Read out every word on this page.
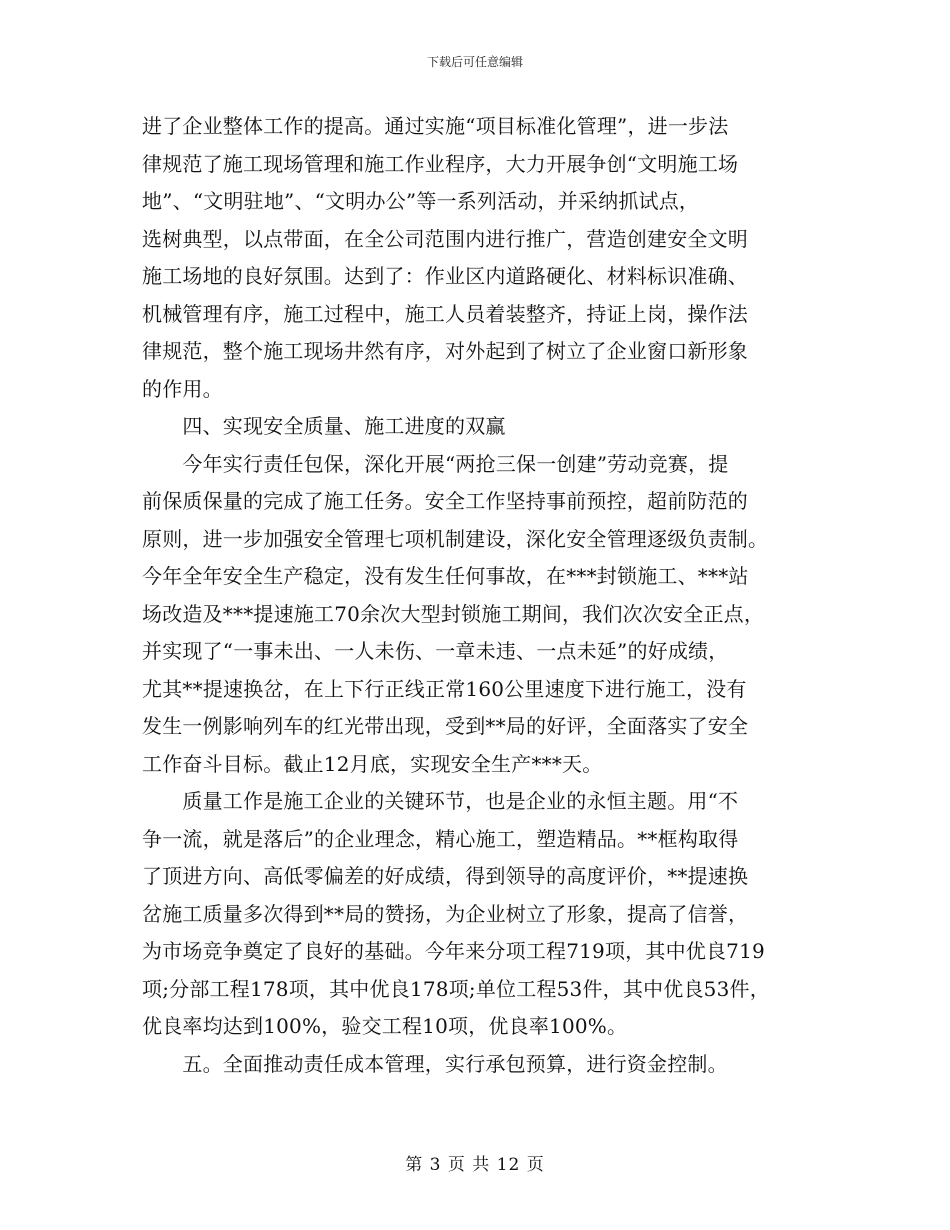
下载后可任意编辑
进了企业整体工作的提高。通过实施“项目标准化管理”，进一步法
律规范了施工现场管理和施工作业程序，大力开展争创“文明施工场
地”、“文明驻地”、“文明办公”等一系列活动，并采纳抓试点，
选树典型，以点带面，在全公司范围内进行推广，营造创建安全文明
施工场地的良好氛围。达到了：作业区内道路硬化、材料标识准确、
机械管理有序，施工过程中，施工人员着装整齐，持证上岗，操作法
律规范，整个施工现场井然有序，对外起到了树立了企业窗口新形象
的作用。
　　四、实现安全质量、施工进度的双赢
　　今年实行责任包保，深化开展“两抢三保一创建”劳动竞赛，提
前保质保量的完成了施工任务。安全工作坚持事前预控，超前防范的
原则，进一步加强安全管理七项机制建设，深化安全管理逐级负责制。
今年全年安全生产稳定，没有发生任何事故，在***封锁施工、***站
场改造及***提速施工70余次大型封锁施工期间，我们次次安全正点，
并实现了“一事未出、一人未伤、一章未违、一点未延”的好成绩，
尤其**提速换岔，在上下行正线正常160公里速度下进行施工，没有
发生一例影响列车的红光带出现，受到**局的好评，全面落实了安全
工作奋斗目标。截止12月底，实现安全生产***天。
　　质量工作是施工企业的关键环节，也是企业的永恒主题。用“不
争一流，就是落后”的企业理念，精心施工，塑造精品。**框构取得
了顶进方向、高低零偏差的好成绩，得到领导的高度评价，**提速换
岔施工质量多次得到**局的赞扬，为企业树立了形象，提高了信誉，
为市场竞争奠定了良好的基础。今年来分项工程719项，其中优良719
项;分部工程178项，其中优良178项;单位工程53件，其中优良53件，
优良率均达到100%，验交工程10项，优良率100%。
　　五。全面推动责任成本管理，实行承包预算，进行资金控制。
第 3 页 共 12 页
